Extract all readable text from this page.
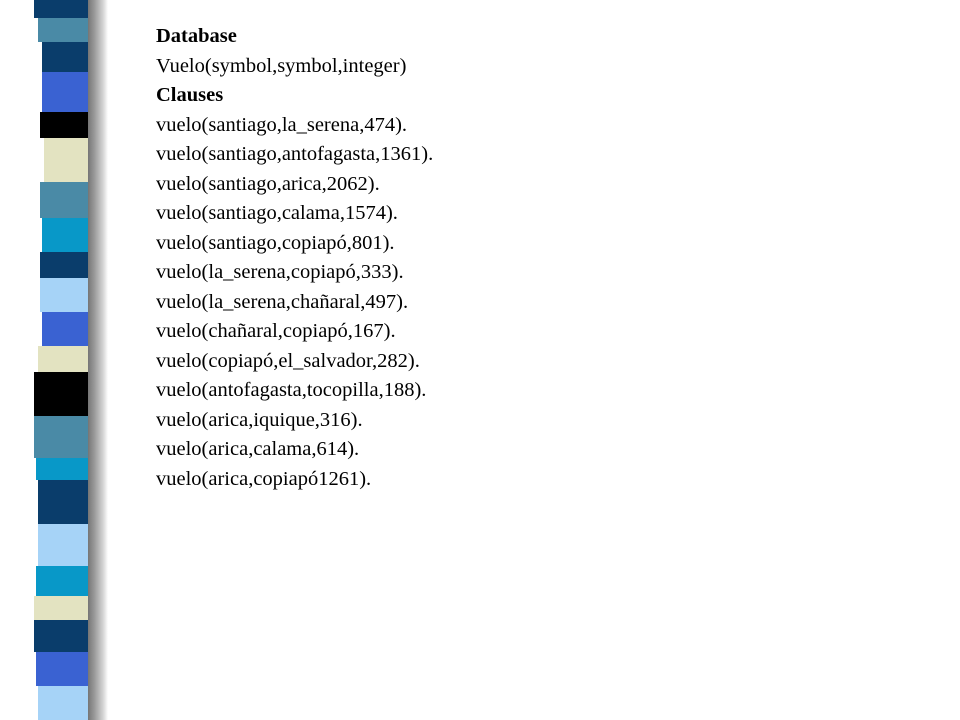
Database
Vuelo(symbol,symbol,integer)
Clauses
vuelo(santiago,la_serena,474).
vuelo(santiago,antofagasta,1361).
vuelo(santiago,arica,2062).
vuelo(santiago,calama,1574).
vuelo(santiago,copiapó,801).
vuelo(la_serena,copiapó,333).
vuelo(la_serena,chañaral,497).
vuelo(chañaral,copiapó,167).
vuelo(copiapó,el_salvador,282).
vuelo(antofagasta,tocopilla,188).
vuelo(arica,iquique,316).
vuelo(arica,calama,614).
vuelo(arica,copiapó1261).
